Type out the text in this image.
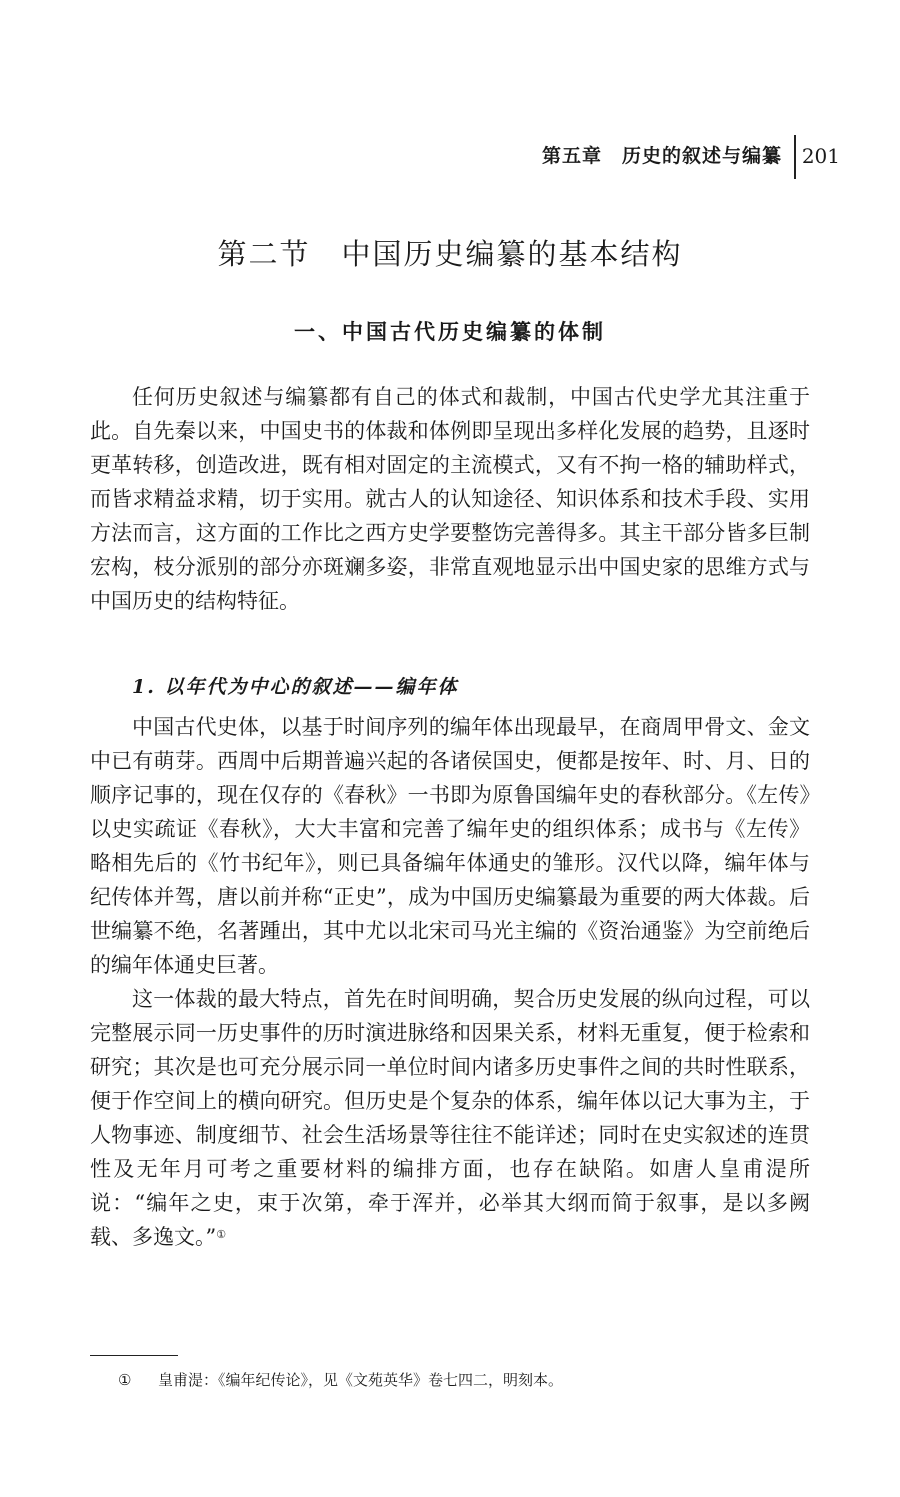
第五章　历史的叙述与编纂 201
第二节　中国历史编纂的基本结构
一、中国古代历史编纂的体制

任何历史叙述与编纂都有自己的体式和裁制，中国古代史学尤其注重于此。自先秦以来，中国史书的体裁和体例即呈现出多样化发展的趋势，且逐时更革转移，创造改进，既有相对固定的主流模式，又有不拘一格的辅助样式，而皆求精益求精，切于实用。就古人的认知途径、知识体系和技术手段、实用方法而言，这方面的工作比之西方史学要整饬完善得多。其主干部分皆多巨制宏构，枝分派别的部分亦斑斓多姿，非常直观地显示出中国史家的思维方式与中国历史的结构特征。

1. 以年代为中心的叙述——编年体

中国古代史体，以基于时间序列的编年体出现最早，在商周甲骨文、金文中已有萌芽。西周中后期普遍兴起的各诸侯国史，便都是按年、时、月、日的顺序记事的，现在仅存的《春秋》一书即为原鲁国编年史的春秋部分。《左传》以史实疏证《春秋》，大大丰富和完善了编年史的组织体系；成书与《左传》略相先后的《竹书纪年》，则已具备编年体通史的雏形。汉代以降，编年体与纪传体并驾，唐以前并称“正史”，成为中国历史编纂最为重要的两大体裁。后世编纂不绝，名著踵出，其中尤以北宋司马光主编的《资治通鉴》为空前绝后的编年体通史巨著。

这一体裁的最大特点，首先在时间明确，契合历史发展的纵向过程，可以完整展示同一历史事件的历时演进脉络和因果关系，材料无重复，便于检索和研究；其次是也可充分展示同一单位时间内诸多历史事件之间的共时性联系，便于作空间上的横向研究。但历史是个复杂的体系，编年体以记大事为主，于人物事迹、制度细节、社会生活场景等往往不能详述；同时在史实叙述的连贯性及无年月可考之重要材料的编排方面，也存在缺陷。如唐人皇甫湜所说：“编年之史，束于次第，牵于浑并，必举其大纲而简于叙事，是以多阙载、多逸文。”①

① 皇甫湜：《编年纪传论》，见《文苑英华》卷七四二，明刻本。
